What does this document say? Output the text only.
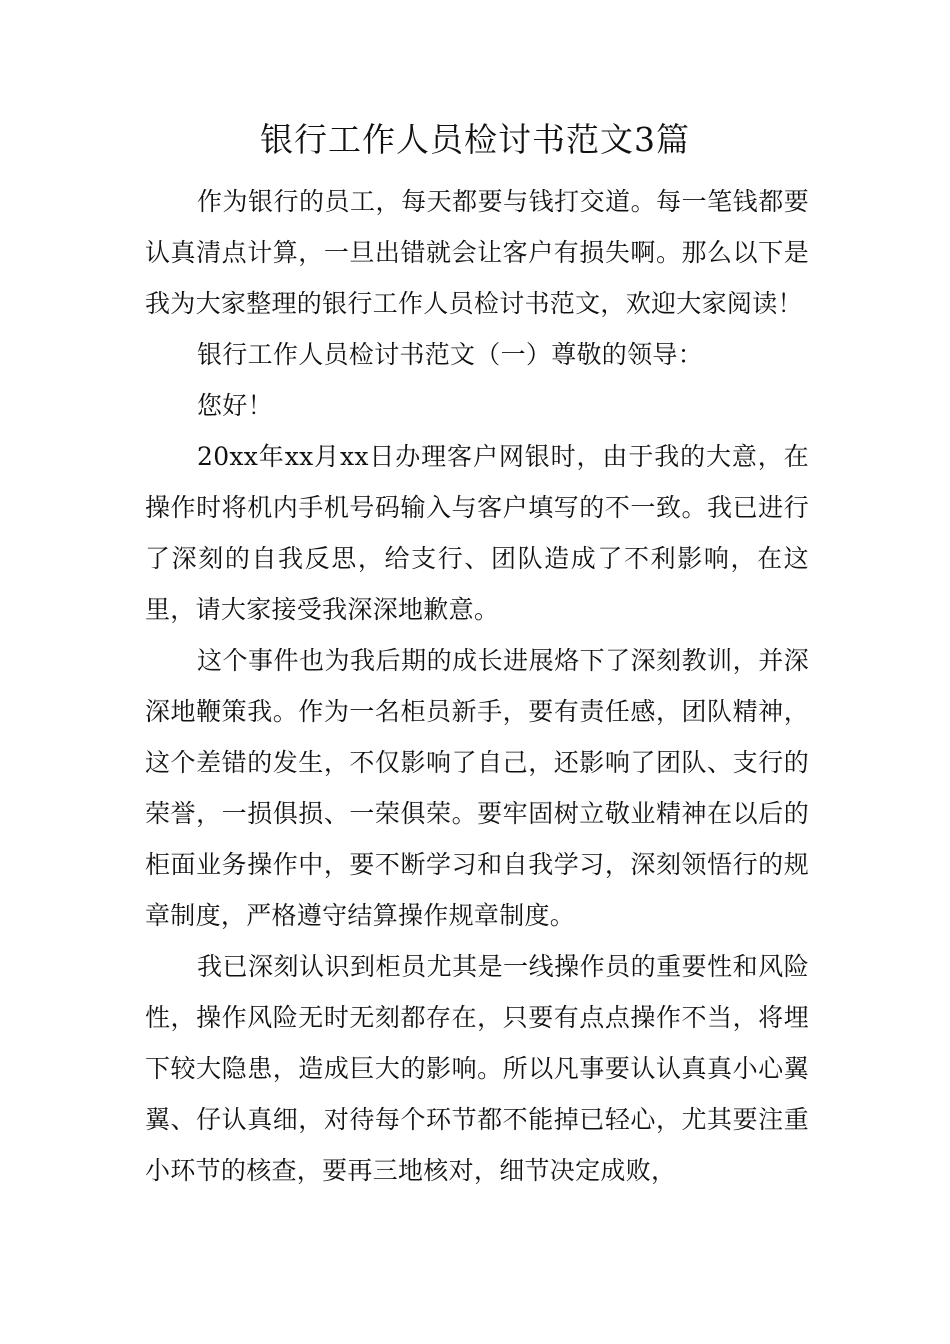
银行工作人员检讨书范文3篇

作为银行的员工，每天都要与钱打交道。每一笔钱都要认真清点计算，一旦出错就会让客户有损失啊。那么以下是我为大家整理的银行工作人员检讨书范文，欢迎大家阅读！

银行工作人员检讨书范文（一）尊敬的领导：

您好！

20xx年xx月xx日办理客户网银时，由于我的大意，在操作时将机内手机号码输入与客户填写的不一致。我已进行了深刻的自我反思，给支行、团队造成了不利影响，在这里，请大家接受我深深地歉意。

这个事件也为我后期的成长进展烙下了深刻教训，并深深地鞭策我。作为一名柜员新手，要有责任感，团队精神，这个差错的发生，不仅影响了自己，还影响了团队、支行的荣誉，一损俱损、一荣俱荣。要牢固树立敬业精神在以后的柜面业务操作中，要不断学习和自我学习，深刻领悟行的规章制度，严格遵守结算操作规章制度。

我已深刻认识到柜员尤其是一线操作员的重要性和风险性，操作风险无时无刻都存在，只要有点点操作不当，将埋下较大隐患，造成巨大的影响。所以凡事要认认真真小心翼翼、仔认真细，对待每个环节都不能掉已轻心，尤其要注重小环节的核查，要再三地核对，细节决定成败，
